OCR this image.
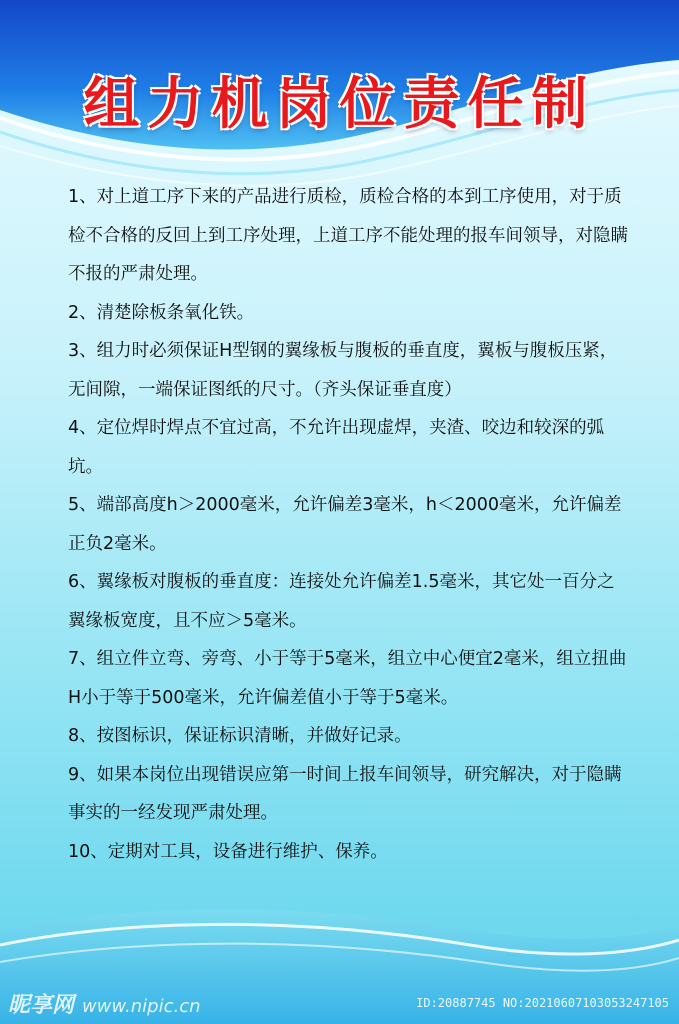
组力机岗位责任制

1、对上道工序下来的产品进行质检，质检合格的本到工序使用，对于质检不合格的反回上到工序处理，上道工序不能处理的报车间领导，对隐瞒不报的严肃处理。

2、清楚除板条氧化铁。

3、组力时必须保证H型钢的翼缘板与腹板的垂直度，翼板与腹板压紧，无间隙，一端保证图纸的尺寸。（齐头保证垂直度）

4、定位焊时焊点不宜过高，不允许出现虚焊，夹渣、咬边和较深的弧坑。

5、端部高度h＞2000毫米，允许偏差3毫米，h＜2000毫米，允许偏差正负2毫米。

6、翼缘板对腹板的垂直度：连接处允许偏差1.5毫米，其它处一百分之翼缘板宽度，且不应＞5毫米。

7、组立件立弯、旁弯、小于等于5毫米，组立中心便宜2毫米，组立扭曲H小于等于500毫米，允许偏差值小于等于5毫米。

8、按图标识，保证标识清晰，并做好记录。

9、如果本岗位出现错误应第一时间上报车间领导，研究解决，对于隐瞒事实的一经发现严肃处理。

10、定期对工具，设备进行维护、保养。

昵享网 www.nipic.cn	ID:20887745 NO:20210607103053247105
